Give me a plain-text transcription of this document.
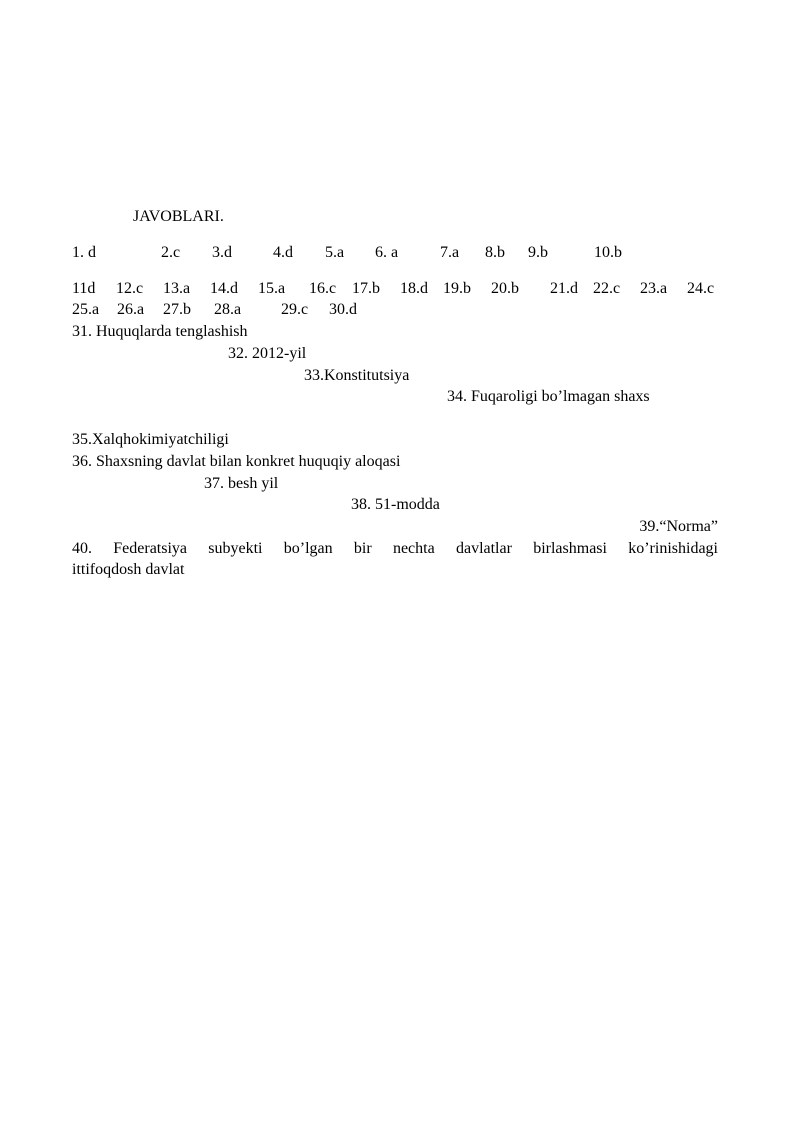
JAVOBLARI.
1. d	2.c 3.d	4.d 5.a 6. a	7.a 8.b 9.b	10.b
11d 12.c 13.a 14.d 15.a 16.c 17.b 18.d 19.b 20.b 21.d 22.c 23.a 24.c
25.a 26.a 27.b 28.a 29.c 30.d
31. Huquqlarda tenglashish
32. 2012-yil
33.Konstitutsiya
34. Fuqaroligi bo’lmagan shaxs
35.Xalqhokimiyatchiligi
36. Shaxsning davlat bilan konkret huquqiy aloqasi
37. besh yil
38. 51-modda
39.“Norma”
40. Federatsiya subyekti bo’lgan bir nechta davlatlar birlashmasi ko’rinishidagi
ittifoqdosh davlat
